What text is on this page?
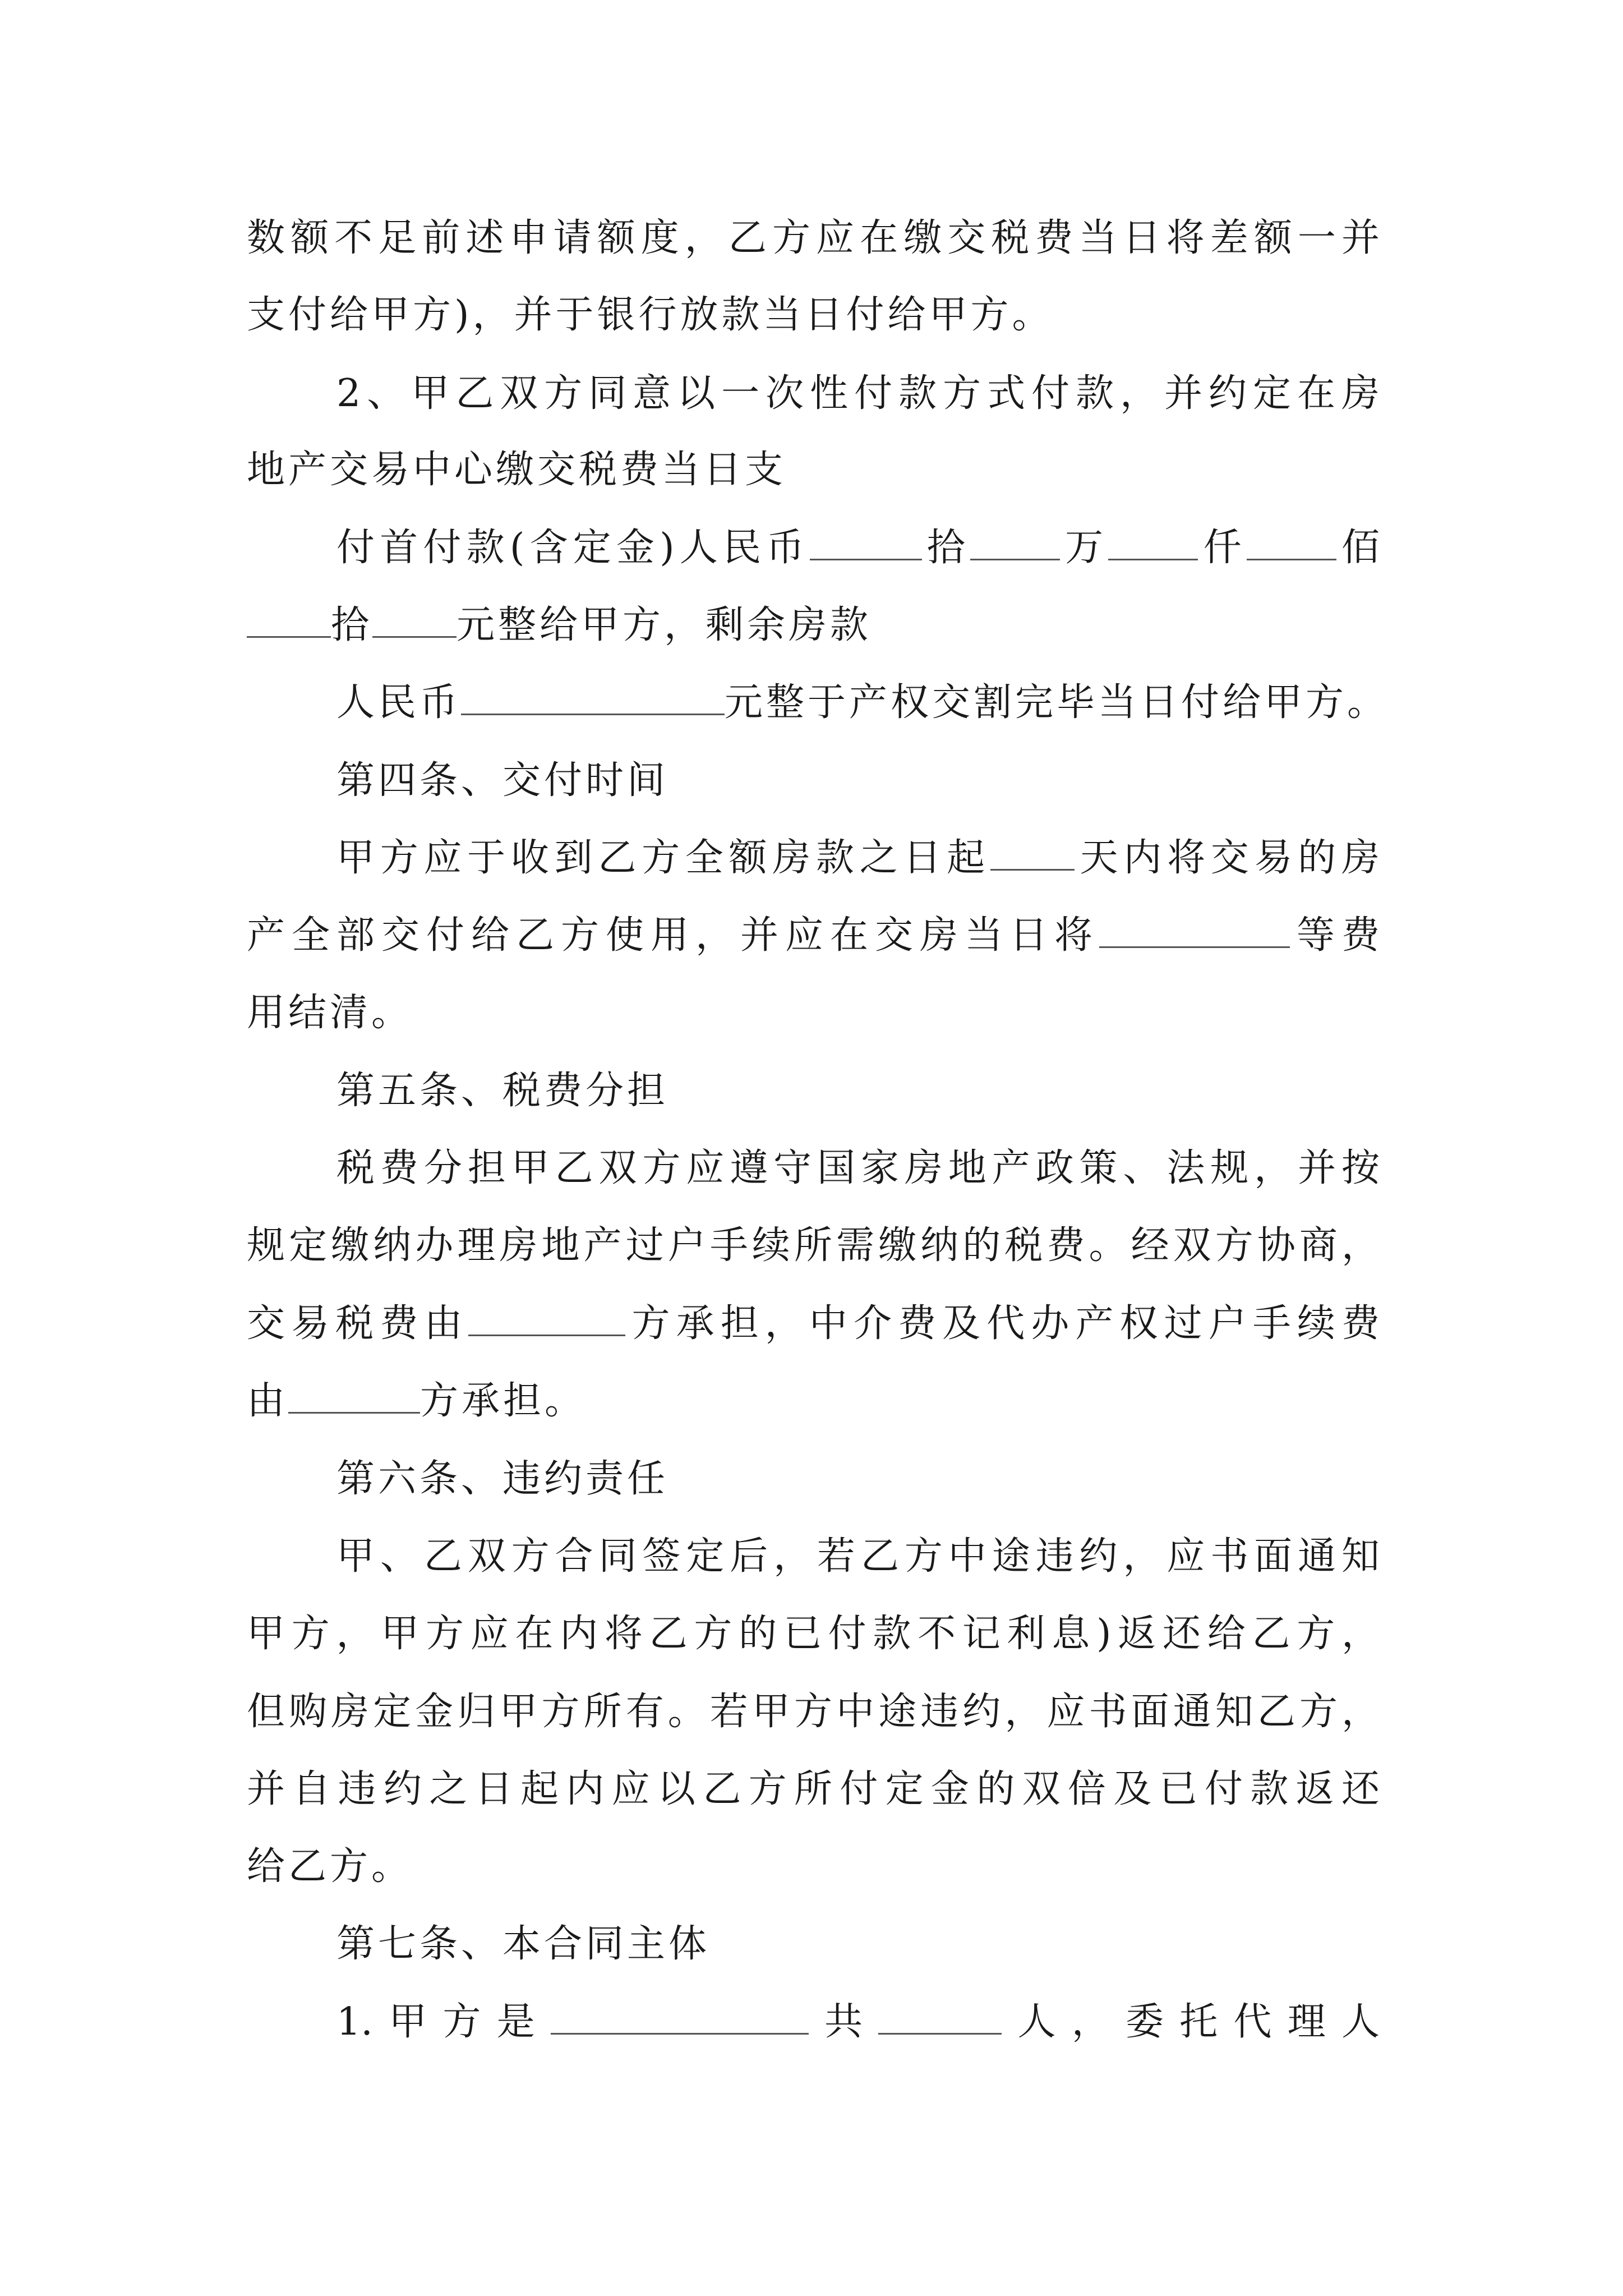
数额不足前述申请额度，乙方应在缴交税费当日将差额一并
支付给甲方)，并于银行放款当日付给甲方。
2、甲乙双方同意以一次性付款方式付款，并约定在房
地产交易中心缴交税费当日支
付首付款(含定金)人民币	拾 万 仟 佰
拾 元整给甲方，剩余房款
人民币	元整于产权交割完毕当日付给甲方。
第四条、交付时间
甲方应于收到乙方全额房款之日起 天内将交易的房
产全部交付给乙方使用，并应在交房当日将	等费
用结清。
第五条、税费分担
税费分担甲乙双方应遵守国家房地产政策、法规，并按
规定缴纳办理房地产过户手续所需缴纳的税费。经双方协商，
交易税费由	方承担，中介费及代办产权过户手续费
由	方承担。
第六条、违约责任
甲、乙双方合同签定后，若乙方中途违约，应书面通知
甲方，甲方应在内将乙方的已付款不记利息)返还给乙方，
但购房定金归甲方所有。若甲方中途违约，应书面通知乙方，
并自违约之日起内应以乙方所付定金的双倍及已付款返还
给乙方。
第七条、本合同主体
1.甲方是	共	人，委托代理人
